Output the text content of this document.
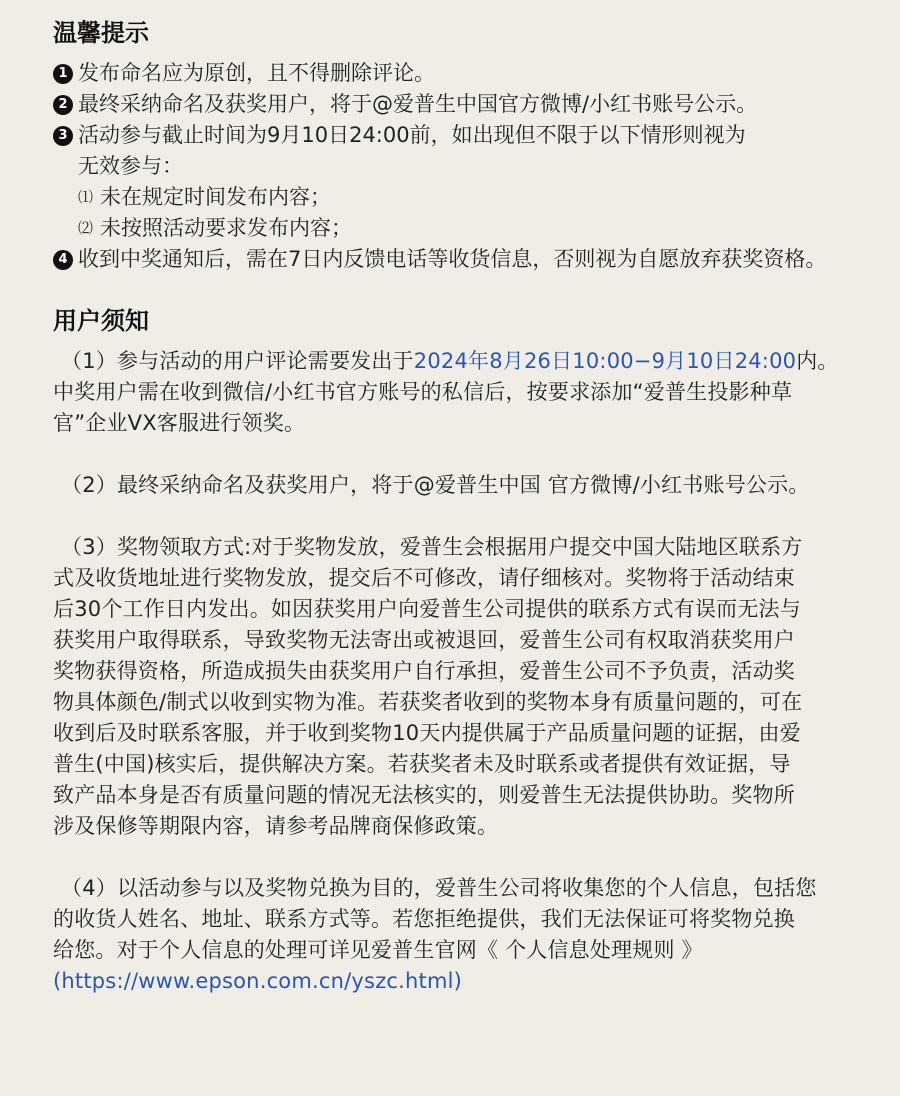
温馨提示
1 发布命名应为原创，且不得删除评论。
2 最终采纳命名及获奖用户，将于@爱普生中国官方微博/小红书账号公示。
3 活动参与截止时间为9月10日24:00前，如出现但不限于以下情形则视为
无效参与：
⑴ 未在规定时间发布内容；
⑵ 未按照活动要求发布内容；
4 收到中奖通知后，需在7日内反馈电话等收货信息，否则视为自愿放弃获奖资格。
用户须知

（1）参与活动的用户评论需要发出于2024年8月26日10:00−9月10日24:00内。

中奖用户需在收到微信/小红书官方账号的私信后，按要求添加“爱普生投影种草

官”企业VX客服进行领奖。

（2）最终采纳命名及获奖用户，将于@爱普生中国 官方微博/小红书账号公示。

（3）奖物领取方式:对于奖物发放，爱普生会根据用户提交中国大陆地区联系方

式及收货地址进行奖物发放，提交后不可修改，请仔细核对。奖物将于活动结束

后30个工作日内发出。如因获奖用户向爱普生公司提供的联系方式有误而无法与

获奖用户取得联系，导致奖物无法寄出或被退回，爱普生公司有权取消获奖用户

奖物获得资格，所造成损失由获奖用户自行承担，爱普生公司不予负责，活动奖

物具体颜色/制式以收到实物为准。若获奖者收到的奖物本身有质量问题的，可在

收到后及时联系客服，并于收到奖物10天内提供属于产品质量问题的证据，由爱

普生(中国)核实后，提供解决方案。若获奖者未及时联系或者提供有效证据，导

致产品本身是否有质量问题的情况无法核实的，则爱普生无法提供协助。奖物所

涉及保修等期限内容，请参考品牌商保修政策。

（4）以活动参与以及奖物兑换为目的，爱普生公司将收集您的个人信息，包括您

的收货人姓名、地址、联系方式等。若您拒绝提供，我们无法保证可将奖物兑换

给您。对于个人信息的处理可详见爱普生官网《 个人信息处理规则 》

(https://www.epson.com.cn/yszc.html)
